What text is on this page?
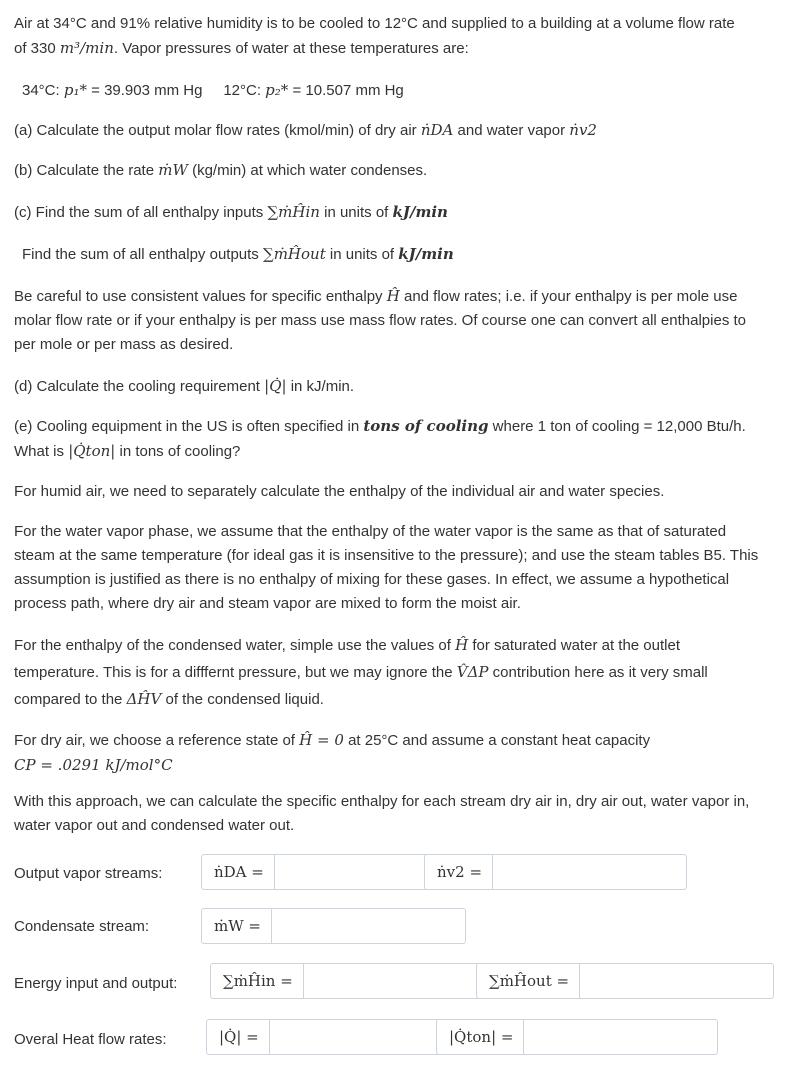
Air at 34°C and 91% relative humidity is to be cooled to 12°C and supplied to a building at a volume flow rate
of 330 m³/min. Vapor pressures of water at these temperatures are:
34°C: p₁* = 39.903 mm Hg 12°C: p₂* = 10.507 mm Hg
(a) Calculate the output molar flow rates (kmol/min) of dry air ṅDA and water vapor ṅv2
(b) Calculate the rate ṁW (kg/min) at which water condenses.
(c) Find the sum of all enthalpy inputs ∑ṁĤin in units of kJ/min
Find the sum of all enthalpy outputs ∑ṁĤout in units of kJ/min
Be careful to use consistent values for specific enthalpy Ĥ and flow rates; i.e. if your enthalpy is per mole use
molar flow rate or if your enthalpy is per mass use mass flow rates. Of course one can convert all enthalpies to
per mole or per mass as desired.
(d) Calculate the cooling requirement |Q̇| in kJ/min.
(e) Cooling equipment in the US is often specified in tons of cooling where 1 ton of cooling = 12,000 Btu/h.
What is |Q̇ton| in tons of cooling?
For humid air, we need to separately calculate the enthalpy of the individual air and water species.
For the water vapor phase, we assume that the enthalpy of the water vapor is the same as that of saturated
steam at the same temperature (for ideal gas it is insensitive to the pressure); and use the steam tables B5. This
assumption is justified as there is no enthalpy of mixing for these gases. In effect, we assume a hypothetical
process path, where dry air and steam vapor are mixed to form the moist air.
For the enthalpy of the condensed water, simple use the values of Ĥ for saturated water at the outlet
temperature. This is for a difffernt pressure, but we may ignore the V̂ΔP contribution here as it very small
compared to the ΔĤV of the condensed liquid.
For dry air, we choose a reference state of Ĥ = 0 at 25°C and assume a constant heat capacity
CP = .0291 kJ/mol°C
With this approach, we can calculate the specific enthalpy for each stream dry air in, dry air out, water vapor in,
water vapor out and condensed water out.
Output vapor streams:	ṅDA =	ṅv2 =
Condensate stream:	ṁW =
Energy input and output:	∑ṁĤin =	∑ṁĤout =
Overal Heat flow rates:	|Q̇| =	|Q̇ton| =
